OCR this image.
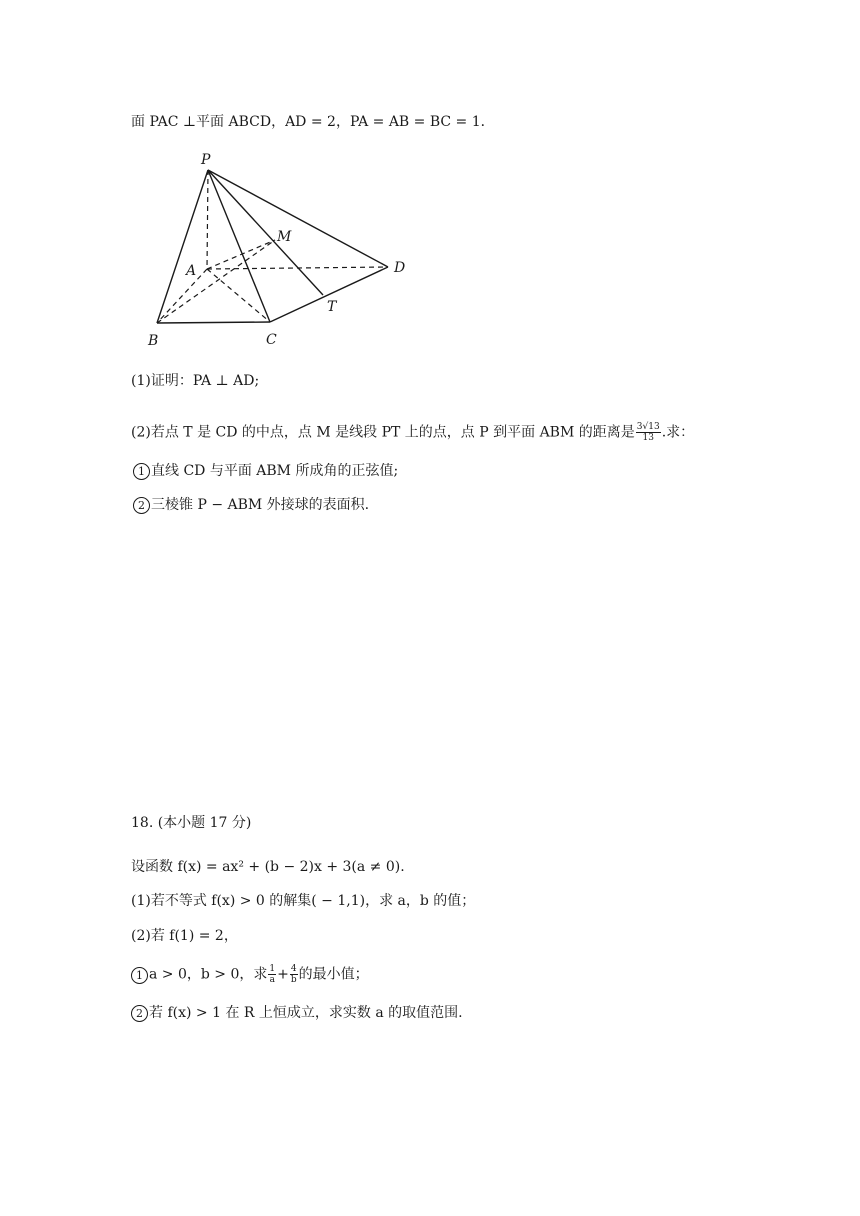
面 PAC ⊥平面 ABCD，AD = 2，PA = AB = BC = 1．
P
A
M
D
T
B	C
(1)证明：PA ⊥ AD;
(2)若点 T 是 CD 的中点，点 M 是线段 PT 上的点，点 P 到平面 ABM 的距离是 $\frac{3√13}{13}$ .求：
1 直线 CD 与平面 ABM 所成角的正弦值;
2 三棱锥 P − ABM 外接球的表面积.
18. (本小题 17 分)
设函数 f(x) = ax² + (b − 2)x + 3(a ≠ 0).
(1)若不等式 f(x) > 0 的解集( − 1,1)，求 a，b 的值；
(2)若 f(1) = 2，
1 a > 0，b > 0，求 $\frac{1}{a} + \frac{4}{b}$ 的最小值；
2 若 f(x) > 1 在 R 上恒成立，求实数 a 的取值范围.
